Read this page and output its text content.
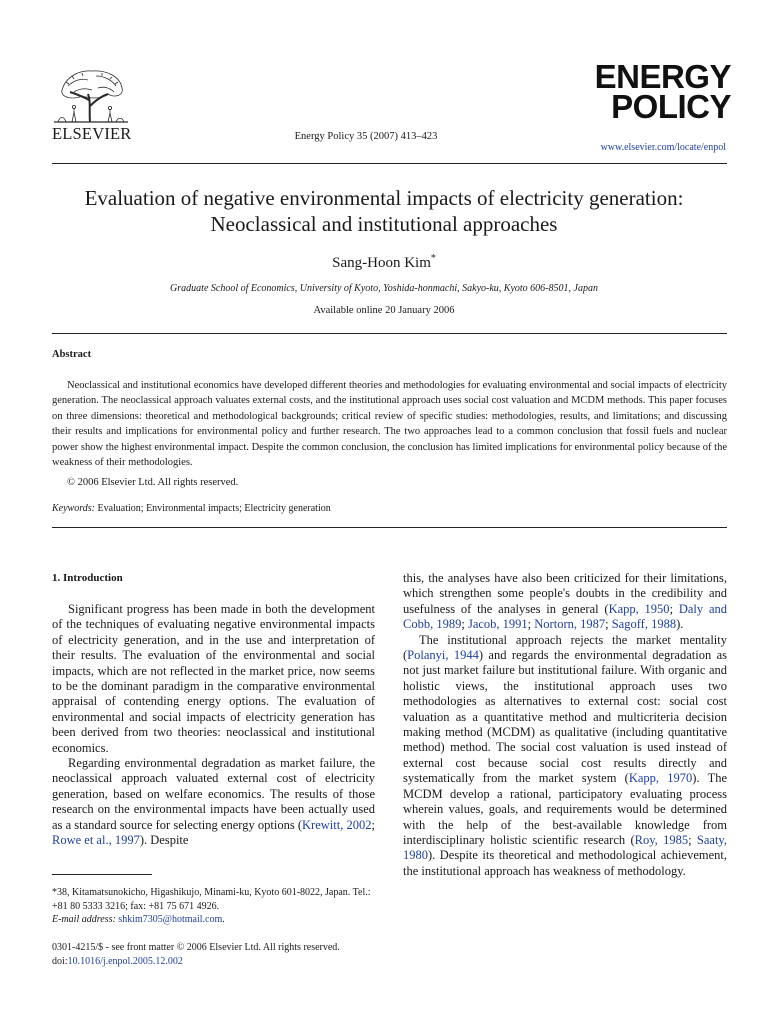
ELSEVIER	Energy Policy 35 (2007) 413–423
ENERGY
POLICY
www.elsevier.com/locate/enpol
Evaluation of negative environmental impacts of electricity generation:
Neoclassical and institutional approaches
Sang-Hoon Kim*
Graduate School of Economics, University of Kyoto, Yoshida-honmachi, Sakyo-ku, Kyoto 606-8501, Japan
Available online 20 January 2006
Abstract
Neoclassical and institutional economics have developed different theories and methodologies for evaluating environmental and social impacts of electricity generation. The neoclassical approach valuates external costs, and the institutional approach uses social cost valuation and MCDM methods. This paper focuses on three dimensions: theoretical and methodological backgrounds; critical review of specific studies: methodologies, results, and limitations; and discussing their results and implications for environmental policy and further research. The two approaches lead to a common conclusion that fossil fuels and nuclear power show the highest environmental impact. Despite the common conclusion, the conclusion has limited implications for environmental policy because of the weakness of their methodologies.
© 2006 Elsevier Ltd. All rights reserved.
Keywords: Evaluation; Environmental impacts; Electricity generation
1. Introduction

Significant progress has been made in both the development of the techniques of evaluating negative environmental impacts of electricity generation, and in the use and interpretation of their results. The evaluation of the environmental and social impacts, which are not reflected in the market price, now seems to be the dominant paradigm in the comparative environmental appraisal of contending energy options. The evaluation of environmental and social impacts of electricity generation has been derived from two theories: neoclassical and institutional economics.

Regarding environmental degradation as market failure, the neoclassical approach valuated external cost of electricity generation, based on welfare economics. The results of those research on the environmental impacts have been actually used as a standard source for selecting energy options (Krewitt, 2002; Rowe et al., 1997). Despite

this, the analyses have also been criticized for their limitations, which strengthen some people's doubts in the credibility and usefulness of the analyses in general (Kapp, 1950; Daly and Cobb, 1989; Jacob, 1991; Nortorn, 1987; Sagoff, 1988).

The institutional approach rejects the market mentality (Polanyi, 1944) and regards the environmental degradation as not just market failure but institutional failure. With organic and holistic views, the institutional approach uses two methodologies as alternatives to external cost: social cost valuation as a quantitative method and multicriteria decision making method (MCDM) as qualitative (including quantitative method) method. The social cost valuation is used instead of external cost because social cost results directly and systematically from the market system (Kapp, 1970). The MCDM develop a rational, participatory evaluating process wherein values, goals, and requirements would be determined with the help of the best-available knowledge from interdisciplinary holistic scientific research (Roy, 1985; Saaty, 1980). Despite its theoretical and methodological achievement, the institutional approach has weakness of methodology.

*38, Kitamatsunokicho, Higashikujo, Minami-ku, Kyoto 601-8022, Japan. Tel.: +81 80 5333 3216; fax: +81 75 671 4926.
E-mail address: shkim7305@hotmail.com.
0301-4215/$ - see front matter © 2006 Elsevier Ltd. All rights reserved.
doi:10.1016/j.enpol.2005.12.002
